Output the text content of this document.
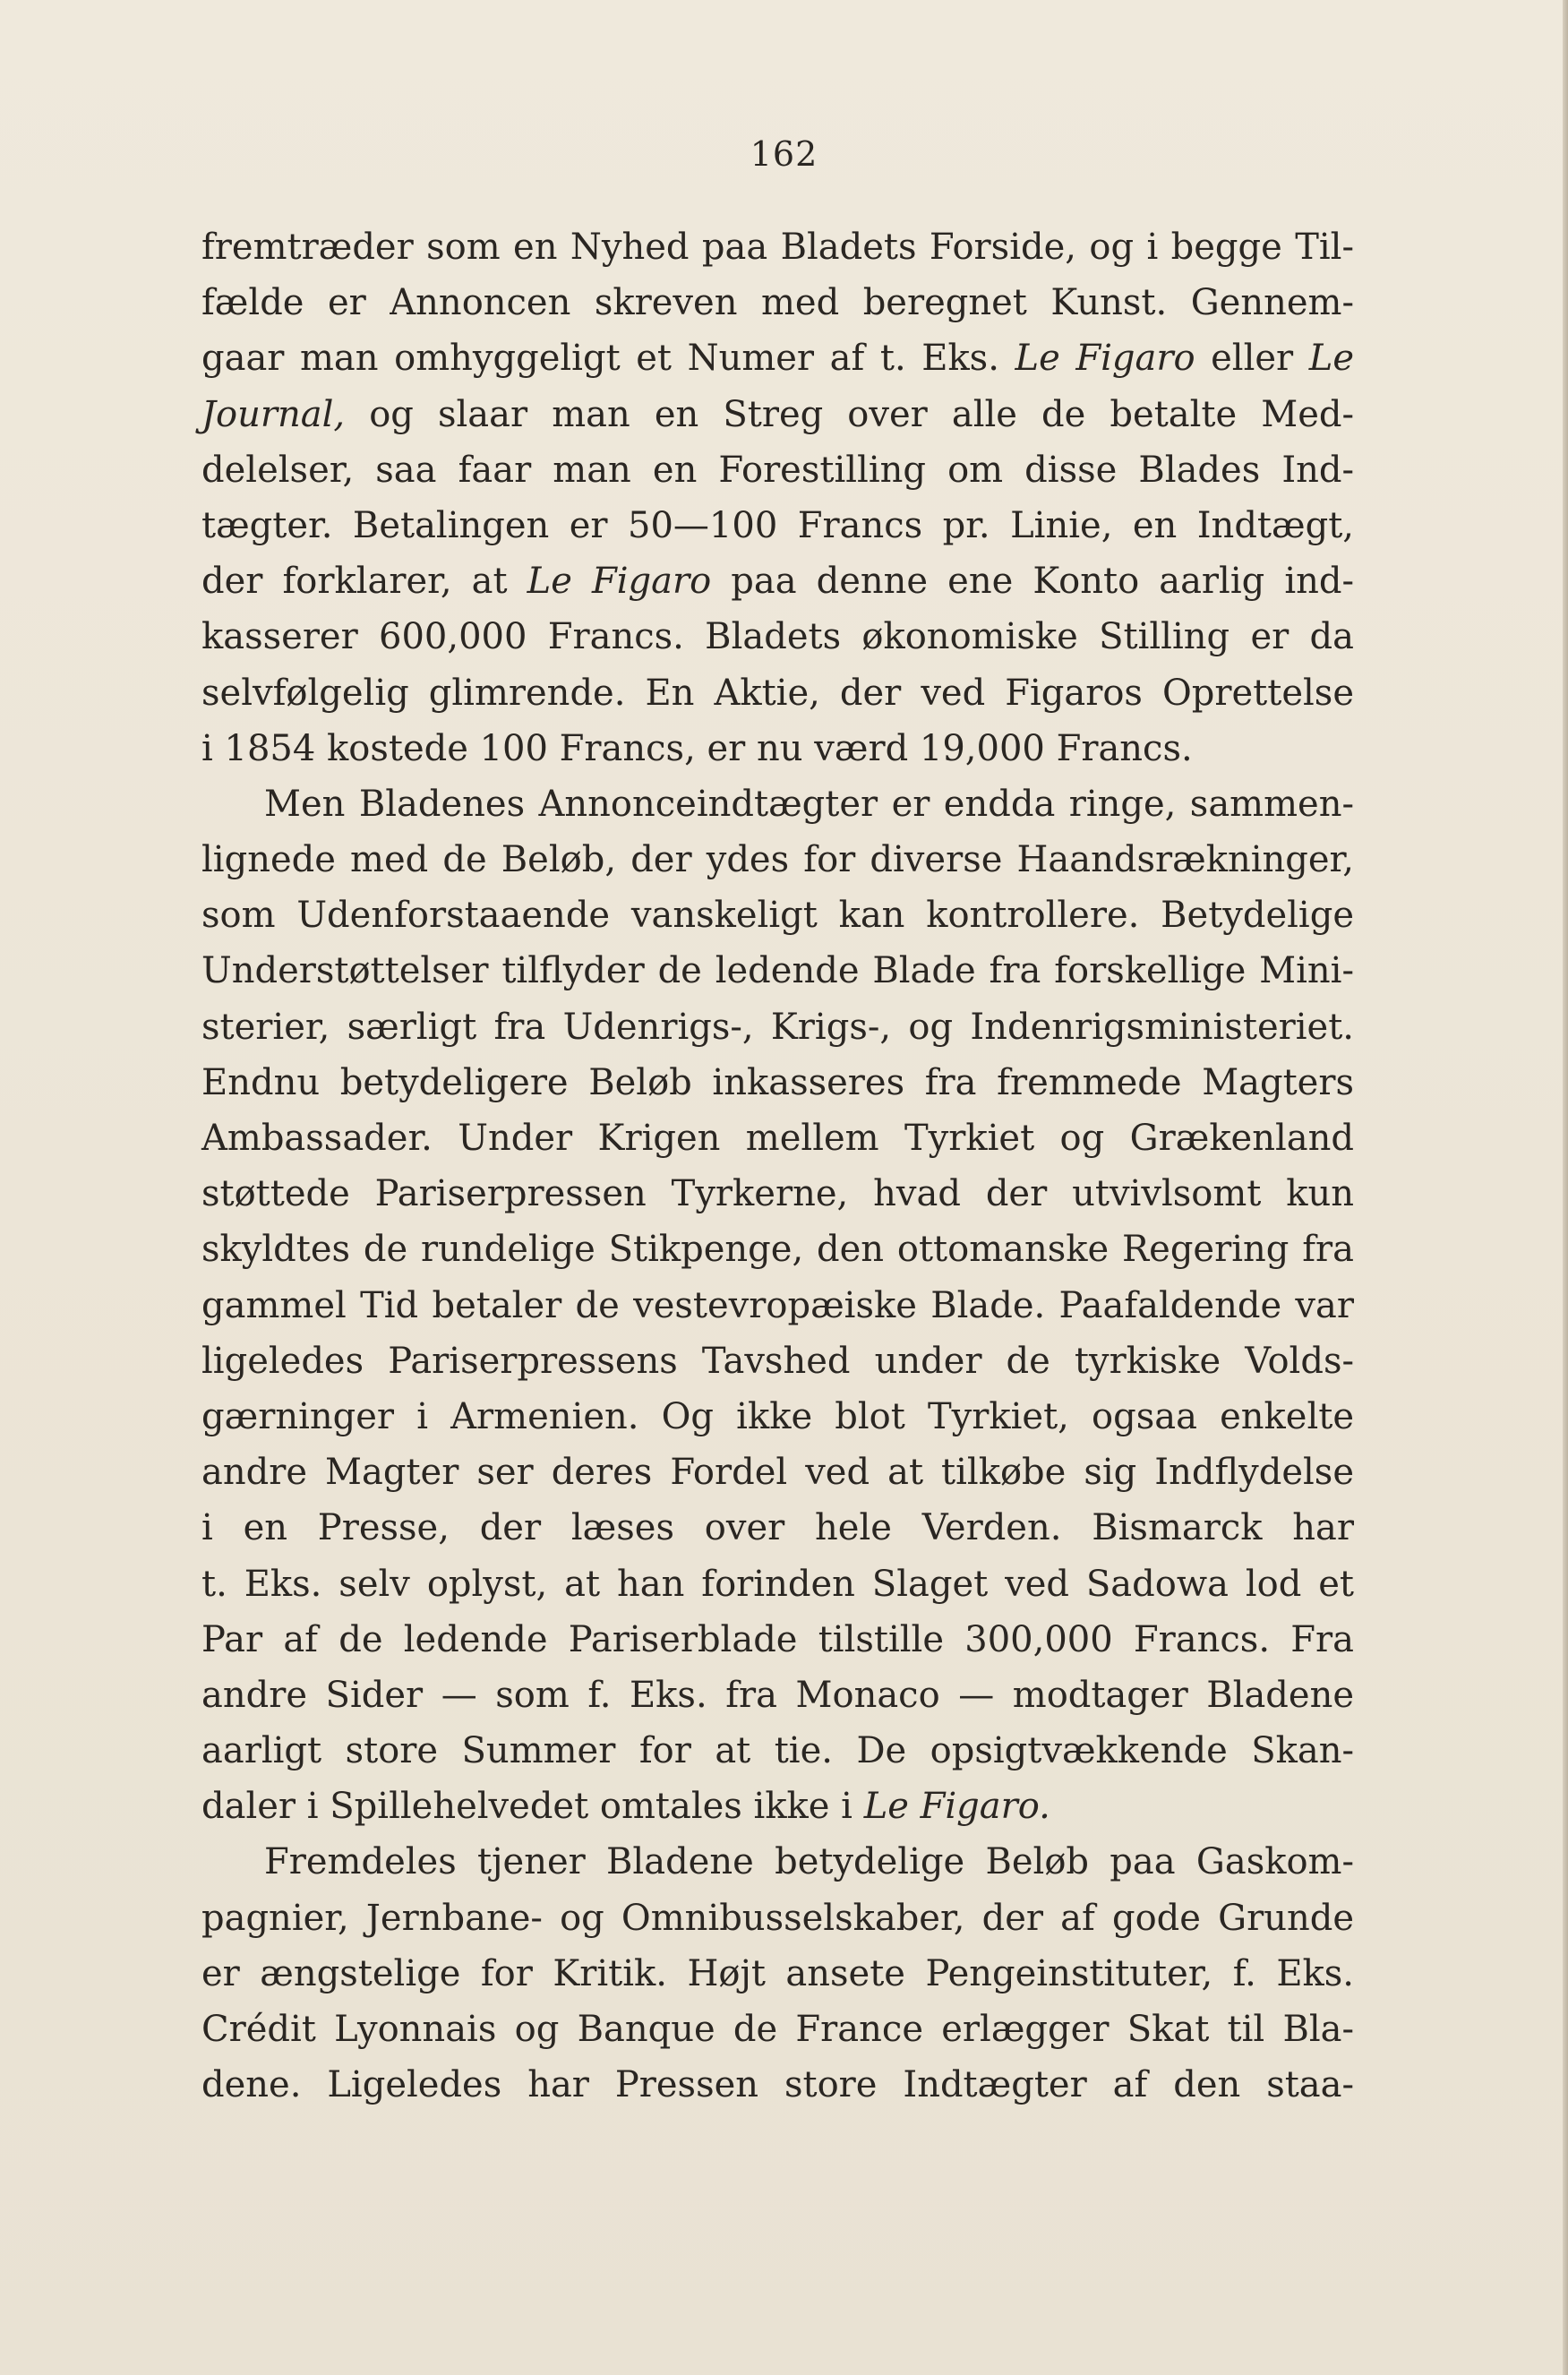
162
fremtræder som en Nyhed paa Bladets Forside, og i begge Til-
fælde er Annoncen skreven med beregnet Kunst. Gennem-
gaar man omhyggeligt et Numer af t. Eks. Le Figaro eller Le
Journal, og slaar man en Streg over alle de betalte Med-
delelser, saa faar man en Forestilling om disse Blades Ind-
tægter. Betalingen er 50—100 Francs pr. Linie, en Indtægt,
der forklarer, at Le Figaro paa denne ene Konto aarlig ind-
kasserer 600,000 Francs. Bladets økonomiske Stilling er da
selvfølgelig glimrende. En Aktie, der ved Figaros Oprettelse
i 1854 kostede 100 Francs, er nu værd 19,000 Francs.
Men Bladenes Annonceindtægter er endda ringe, sammen-
lignede med de Beløb, der ydes for diverse Haandsrækninger,
som Udenforstaaende vanskeligt kan kontrollere. Betydelige
Understøttelser tilflyder de ledende Blade fra forskellige Mini-
sterier, særligt fra Udenrigs-, Krigs-, og Indenrigsministeriet.
Endnu betydeligere Beløb inkasseres fra fremmede Magters
Ambassader. Under Krigen mellem Tyrkiet og Grækenland
støttede Pariserpressen Tyrkerne, hvad der utvivlsomt kun
skyldtes de rundelige Stikpenge, den ottomanske Regering fra
gammel Tid betaler de vestevropæiske Blade. Paafaldende var
ligeledes Pariserpressens Tavshed under de tyrkiske Volds-
gærninger i Armenien. Og ikke blot Tyrkiet, ogsaa enkelte
andre Magter ser deres Fordel ved at tilkøbe sig Indflydelse
i en Presse, der læses over hele Verden. Bismarck har
t. Eks. selv oplyst, at han forinden Slaget ved Sadowa lod et
Par af de ledende Pariserblade tilstille 300,000 Francs. Fra
andre Sider — som f. Eks. fra Monaco — modtager Bladene
aarligt store Summer for at tie. De opsigtvækkende Skan-
daler i Spillehelvedet omtales ikke i Le Figaro.
Fremdeles tjener Bladene betydelige Beløb paa Gaskom-
pagnier, Jernbane- og Omnibusselskaber, der af gode Grunde
er ængstelige for Kritik. Højt ansete Pengeinstituter, f. Eks.
Crédit Lyonnais og Banque de France erlægger Skat til Bla-
dene. Ligeledes har Pressen store Indtægter af den staa-
